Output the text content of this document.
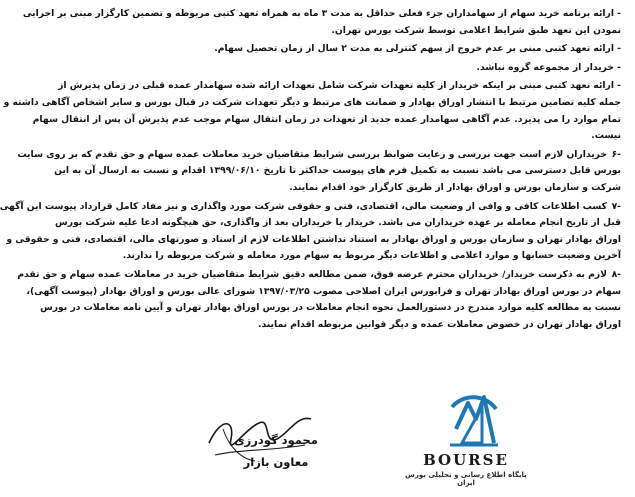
- ارائه برنامه خرید سهام از سهامداران جزء فعلی حداقل به مدت ۳ ماه به همراه تعهد کتبی مربوطه و تضمین کارگزار مبنی بر اجرایی
نمودن این تعهد طبق شرایط اعلامی توسط شرکت بورس تهران.
- ارائه تعهد کتبی مبنی بر عدم خروج از سهم کنترلی به مدت ۲ سال از زمان تحصیل سهام.
- خریدار از مجموعه گروه نباشد.
- ارائه تعهد کتبی مبنی بر اینکه خریدار از کلیه تعهدات شرکت شامل تعهدات ارائه شده سهامدار عمده قبلی در زمان پذیرش از
جمله کلیه تضامین مرتبط با انتشار اوراق بهادار و ضمانت های مرتبط و دیگر تعهدات شرکت در قبال بورس و سایر اشخاص آگاهی داشته و
تمام موارد را می پذیرد. عدم آگاهی سهامدار عمده جدید از تعهدات در زمان انتقال سهام موجب عدم پذیرش آن پس از انتقال سهام
نیست.
-۶خریداران لازم است جهت بررسی و رعایت ضوابط بررسی شرایط متقاضیان خرید معاملات عمده سهام و حق تقدم که بر روی سایت
بورس قابل دسترسی می باشد نسبت به تکمیل فرم های پیوست حداکثر تا تاریخ ۱۳۹۹/۰۶/۱۰ اقدام و نسبت به ارسال آن به این
شرکت و سازمان بورس و اوراق بهادار از طریق کارگزار خود اقدام نمایند.
-۷کسب اطلاعات کافی و وافی از وضعیت مالی، اقتصادی، فنی و حقوقی شرکت مورد واگذاری و نیز مفاد کامل قرارداد پیوست این آگهی
قبل از تاریخ انجام معامله بر عهده خریداران می باشد. خریدار یا خریداران بعد از واگذاری، حق هیچگونه ادعا علیه شرکت بورس
اوراق بهادار تهران و سازمان بورس و اوراق بهادار به استناد نداشتن اطلاعات لازم از اسناد و صورتهای مالی، اقتصادی، فنی و حقوقی و
آخرین وضعیت حسابها و موارد اعلامی و اطلاعات دیگر مربوط به سهام مورد معامله و شرکت مربوطه را ندارند.
-۸لازم به ذکرست خریدار/ خریداران محترم عرضه فوق، ضمن مطالعه دقیق شرایط متقاضیان خرید در معاملات عمده سهام و حق تقدم
سهام در بورس اوراق بهادار تهران و فرابورس ایران اصلاحی مصوب ۱۳۹۷/۰۳/۲۵ شورای عالی بورس و اوراق بهادار (پیوست آگهی)،
نسبت به مطالعه کلیه موارد مندرج در دستورالعمل نحوه انجام معاملات در بورس اوراق بهادار تهران و آیین نامه معاملات در بورس
اوراق بهادار تهران در خصوص معاملات عمده و دیگر قوانین مربوطه اقدام نمایند.
محمود گودرزی
معاون بازار	BOURSE
پایگاه اطلاع رسانی و تحلیلی بورس ایران
